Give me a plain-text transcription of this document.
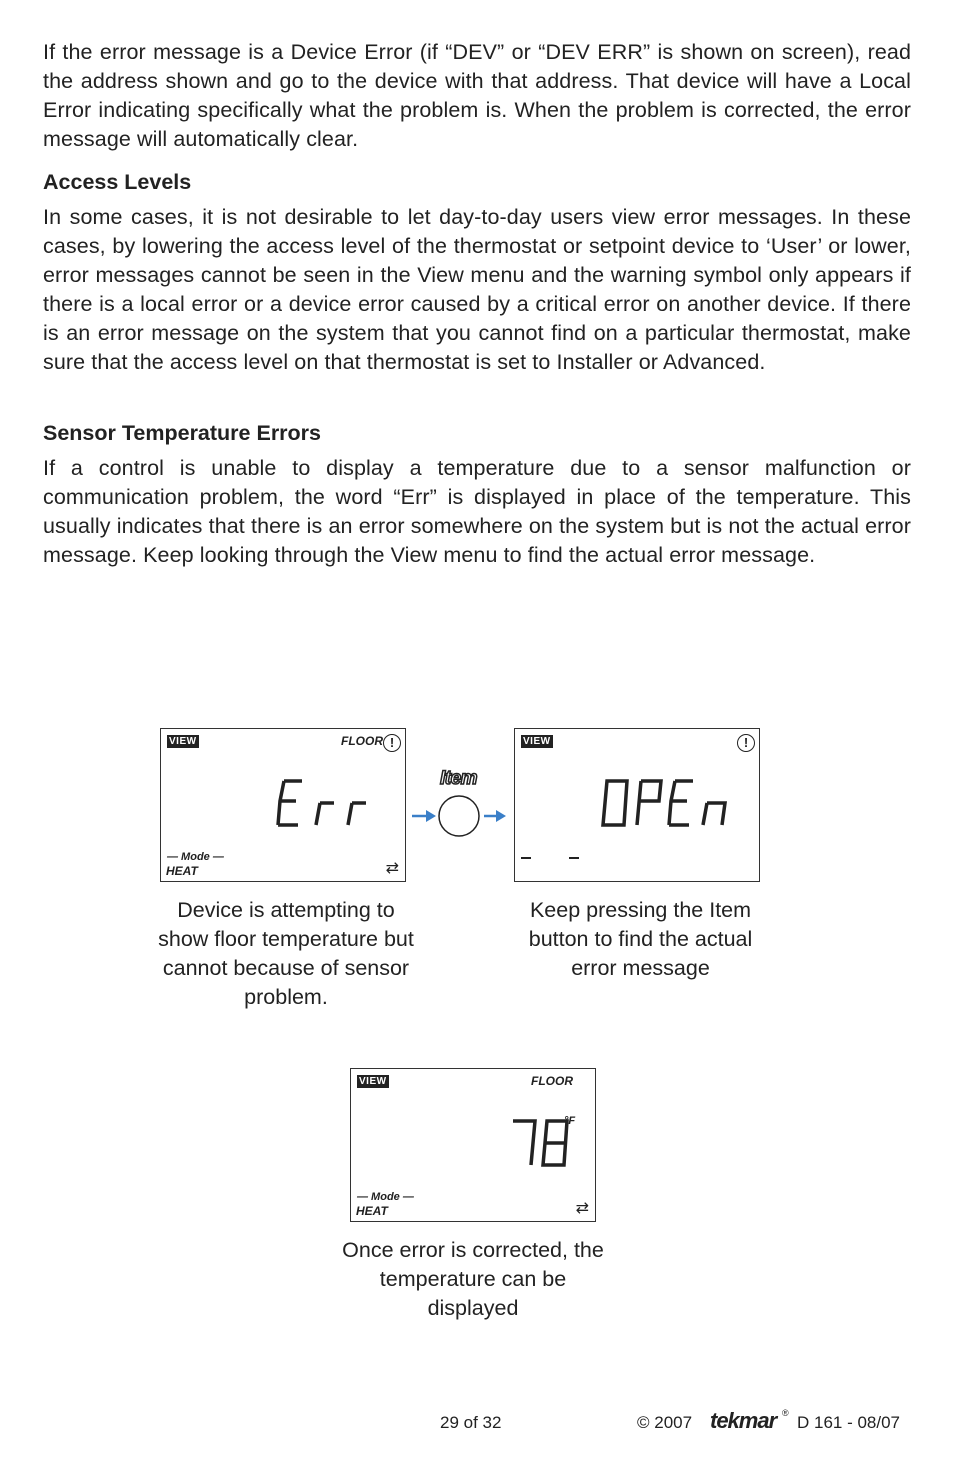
If the error message is a Device Error (if “DEV” or “DEV ERR” is shown on screen), read the address shown and go to the device with that address. That device will have a Local Error indicating specifically what the problem is. When the problem is corrected, the error message will automatically clear.

Access Levels

In some cases, it is not desirable to let day-to-day users view error messages. In these cases, by lowering the access level of the thermostat or setpoint device to ‘User’ or lower, error messages cannot be seen in the View menu and the warning symbol only appears if there is a local error or a device error caused by a critical error on another device. If there is an error message on the system that you cannot find on a particular thermostat, make sure that the access level on that thermostat is set to Installer or Advanced.

Sensor Temperature Errors

If a control is unable to display a temperature due to a sensor malfunction or communication problem, the word “Err” is displayed in place of the temperature. This usually indicates that there is an error somewhere on the system but is not the actual error message. Keep looking through the View menu to find the actual error message.

VIEW	FLOOR !
— Mode —
HEAT	⇄
Item
VIEW	!

Device is attempting to show floor temperature but cannot because of sensor problem.

Keep pressing the Item button to find the actual error message

VIEW	FLOOR
°F
— Mode —
HEAT	⇄

Once error is corrected, the temperature can be displayed

29 of 32	© 2007 tekmar ® D 161 - 08/07
